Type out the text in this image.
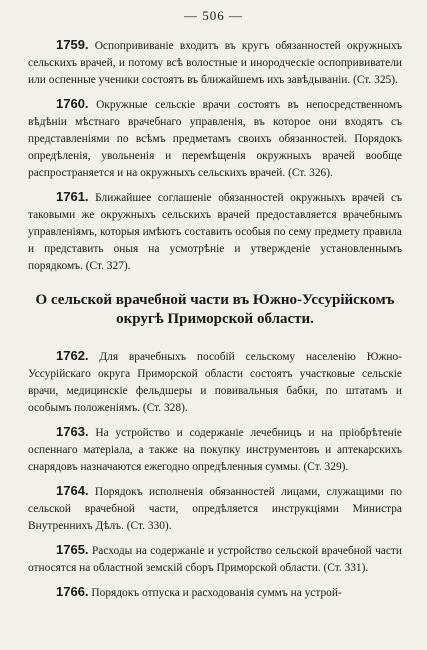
— 506 —

1759. Оспопрививаніе входитъ въ кругъ обязанностей окружныхъ сельскихъ врачей, и потому всѣ волостные и инородческіе оспопрививатели или оспенные ученики состоятъ въ ближайшемъ ихъ завѣдываніи. (Ст. 325).

1760. Окружные сельскіе врачи состоятъ въ непосредственномъ вѣдѣніи мѣстнаго врачебнаго управленія, въ которое они входятъ съ представленіями по всѣмъ предметамъ своихъ обязанностей. Порядокъ опредѣленія, увольненія и перемѣщенія окружныхъ врачей вообще распространяется и на окружныхъ сельскихъ врачей. (Ст. 326).

1761. Ближайшее соглашеніе обязанностей окружныхъ врачей съ таковыми же окружныхъ сельскихъ врачей предоставляется врачебнымъ управленіямъ, которыя имѣютъ составить особыя по сему предмету правила и представить оныя на усмотрѣніе и утвержденіе установленнымъ порядкомъ. (Ст. 327).

О сельской врачебной части въ Южно-Уссурійскомъ
округѣ Приморской области.

1762. Для врачебныхъ пособій сельскому населенію Южно-Уссурійскаго округа Приморской области состоятъ участковые сельскіе врачи, медицинскіе фельдшеры и повивальныя бабки, по штатамъ и особымъ положеніямъ. (Ст. 328).

1763. На устройство и содержаніе лечебницъ и на пріобрѣтеніе оспеннаго матеріала, а также на покупку инструментовъ и аптекарскихъ снарядовъ назначаются ежегодно опредѣленныя суммы. (Ст. 329).

1764. Порядокъ исполненія обязанностей лицами, служащими по сельской врачебной части, опредѣляется инструкціями Министра Внутреннихъ Дѣлъ. (Ст. 330).

1765. Расходы на содержаніе и устройство сельской врачебной части относятся на областной земскій сборъ Приморской области. (Ст. 331).

1766. Порядокъ отпуска и расходованія суммъ на устрой-
